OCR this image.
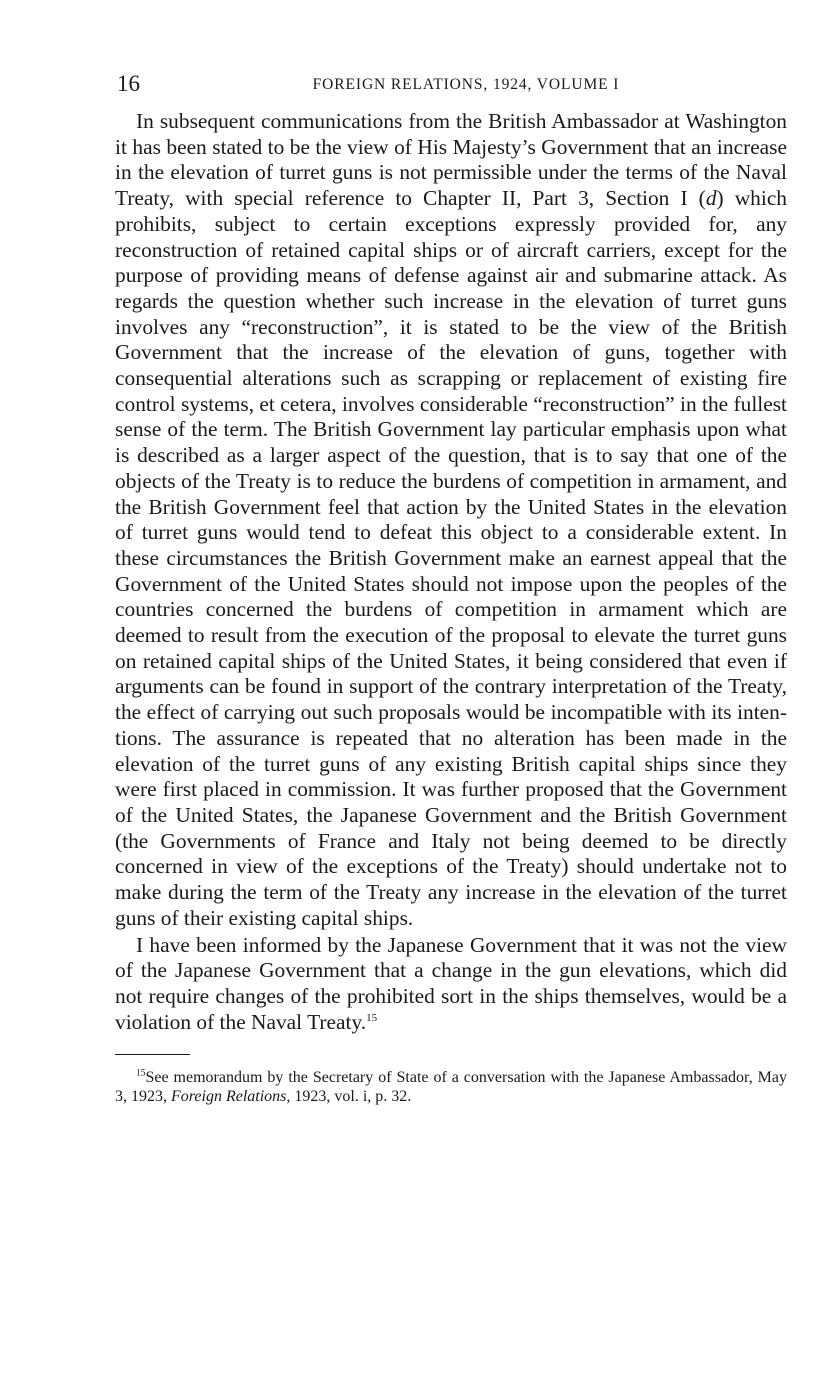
16	FOREIGN RELATIONS, 1924, VOLUME I

In subsequent communications from the British Ambassador at Washington it has been stated to be the view of His Majesty’s Government that an increase in the elevation of turret guns is not permissible under the terms of the Naval Treaty, with special reference to Chapter II, Part 3, Section I (d) which prohibits, subject to certain exceptions expressly provided for, any reconstruction of retained capital ships or of aircraft carriers, except for the purpose of providing means of defense against air and submarine attack. As regards the question whether such increase in the elevation of turret guns involves any “reconstruction”, it is stated to be the view of the British Government that the increase of the elevation of guns, together with consequential alterations such as scrapping or replacement of existing fire control systems, et cetera, involves considerable “reconstruction” in the fullest sense of the term. The British Government lay particular emphasis upon what is described as a larger aspect of the question, that is to say that one of the objects of the Treaty is to reduce the burdens of competition in armament, and the British Government feel that action by the United States in the elevation of turret guns would tend to defeat this object to a considerable extent. In these circumstances the British Government make an earnest appeal that the Government of the United States should not impose upon the peoples of the countries concerned the burdens of competition in armament which are deemed to result from the execution of the proposal to elevate the turret guns on retained capital ships of the United States, it being considered that even if arguments can be found in support of the contrary interpretation of the Treaty, the effect of carrying out such proposals would be incompatible with its intentions. The assurance is repeated that no alteration has been made in the elevation of the turret guns of any existing British capital ships since they were first placed in commission. It was further proposed that the Government of the United States, the Japanese Government and the British Government (the Governments of France and Italy not being deemed to be directly concerned in view of the exceptions of the Treaty) should undertake not to make during the term of the Treaty any increase in the elevation of the turret guns of their existing capital ships.

I have been informed by the Japanese Government that it was not the view of the Japanese Government that a change in the gun elevations, which did not require changes of the prohibited sort in the ships themselves, would be a violation of the Naval Treaty.$^{15}$

$^{15}$See memorandum by the Secretary of State of a conversation with the Japanese Ambassador, May 3, 1923, Foreign Relations, 1923, vol. i, p. 32.
